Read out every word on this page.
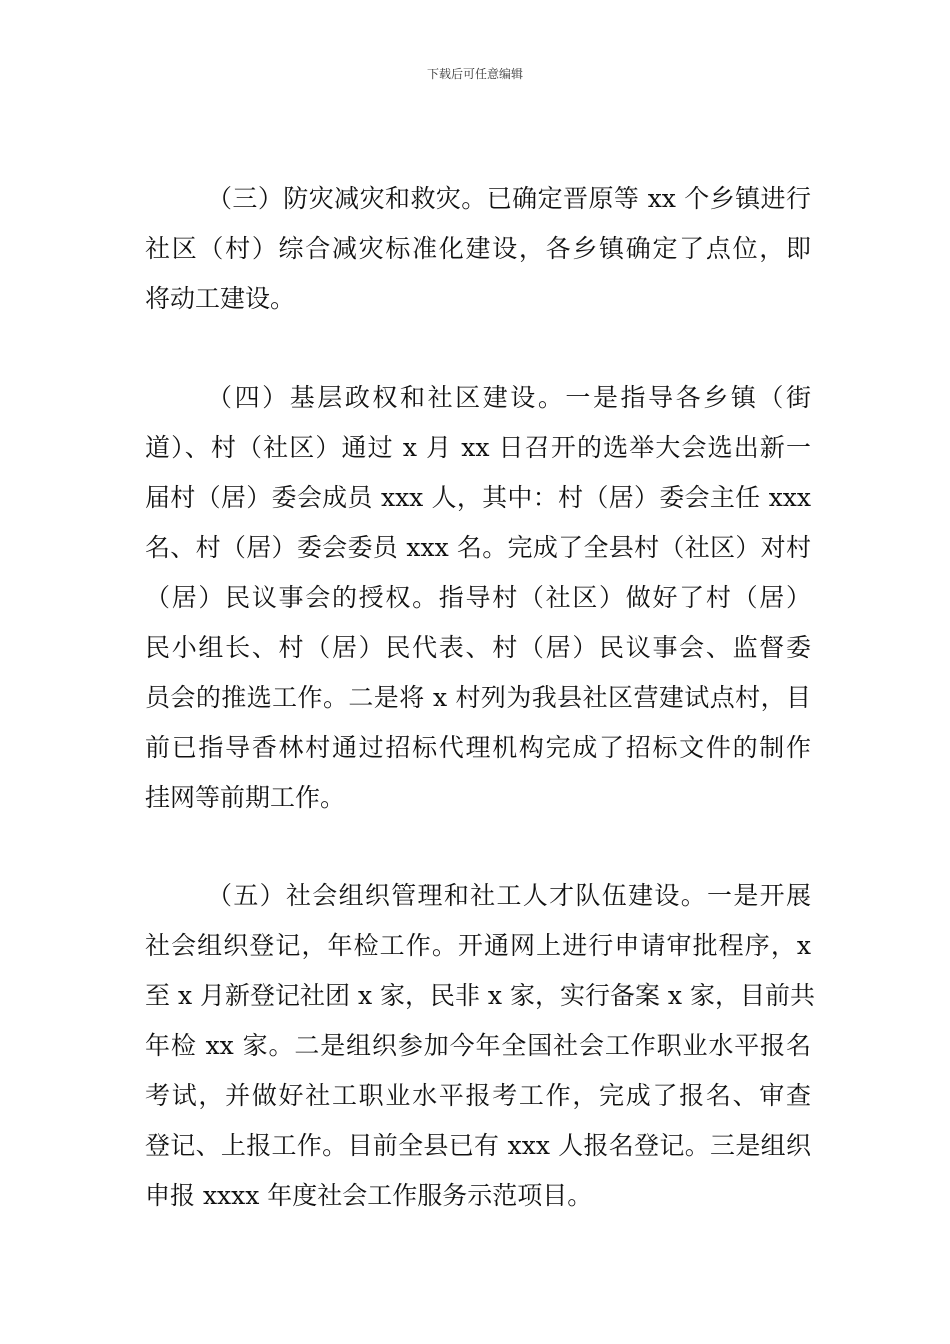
下载后可任意编辑
（三）防灾减灾和救灾。已确定晋原等 xx 个乡镇进行
社区（村）综合减灾标准化建设，各乡镇确定了点位，即
将动工建设。
（四）基层政权和社区建设。一是指导各乡镇（街
道）、村（社区）通过 x 月 xx 日召开的选举大会选出新一
届村（居）委会成员 xxx 人，其中：村（居）委会主任 xxx
名、村（居）委会委员 xxx 名。完成了全县村（社区）对村
（居）民议事会的授权。指导村（社区）做好了村（居）
民小组长、村（居）民代表、村（居）民议事会、监督委
员会的推选工作。二是将 x 村列为我县社区营建试点村，目
前已指导香林村通过招标代理机构完成了招标文件的制作
挂网等前期工作。
（五）社会组织管理和社工人才队伍建设。一是开展
社会组织登记，年检工作。开通网上进行申请审批程序，x
至 x 月新登记社团 x 家，民非 x 家，实行备案 x 家，目前共
年检 xx 家。二是组织参加今年全国社会工作职业水平报名
考试，并做好社工职业水平报考工作，完成了报名、审查
登记、上报工作。目前全县已有 xxx 人报名登记。三是组织
申报 xxxx 年度社会工作服务示范项目。
